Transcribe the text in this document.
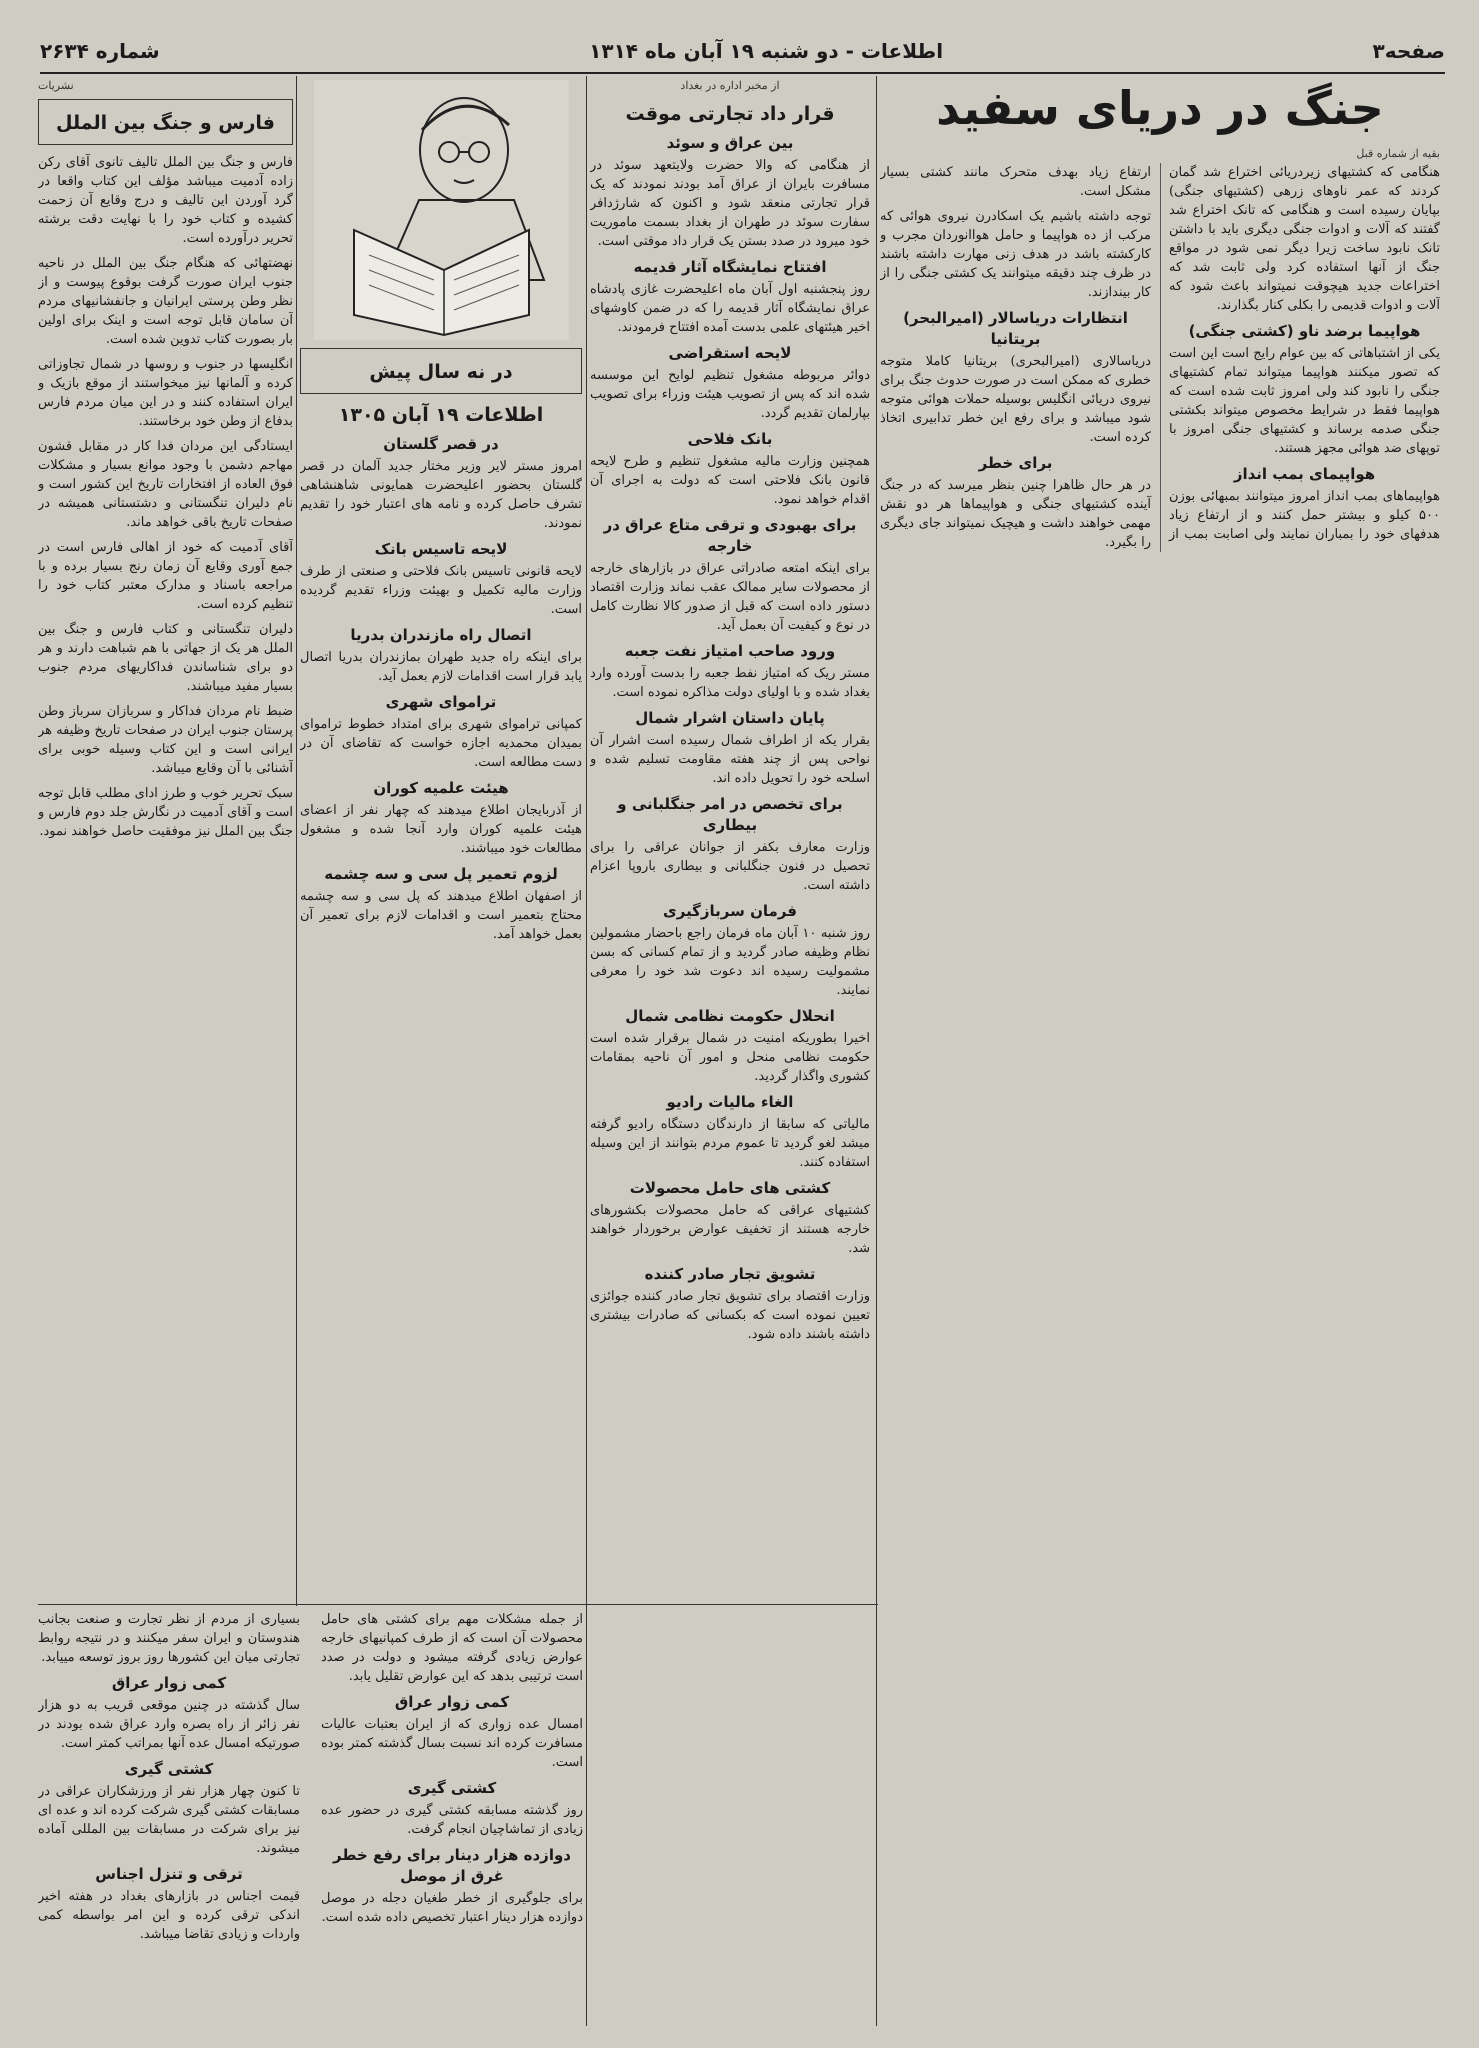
صفحه۳
اطلاعات - دو شنبه ۱۹ آبان ماه ۱۳۱۴
شماره ۲۶۳۴
جنگ در دریای سفید
بقیه از شماره قبل

هنگامی که کشتیهای زیردریائی اختراع شد گمان کردند که عمر ناوهای زرهی (کشتیهای جنگی) بپایان رسیده است و هنگامی که تانک اختراع شد گفتند که آلات و ادوات جنگی دیگری باید با داشتن تانک نابود ساخت زیرا دیگر نمی شود در مواقع جنگ از آنها استفاده کرد ولی ثابت شد که اختراعات جدید هیچوقت نمیتواند باعث شود که آلات و ادوات قدیمی را بکلی کنار بگذارند.

هواپیما برضد ناو (کشتی جنگی)

یکی از اشتباهاتی که بین عوام رایج است این است که تصور میکنند هواپیما میتواند تمام کشتیهای جنگی را نابود کند ولی امروز ثابت شده است که هواپیما فقط در شرایط مخصوص میتواند بکشتی جنگی صدمه برساند و کشتیهای جنگی امروز با توپهای ضد هوائی مجهز هستند.

هواپیمای بمب انداز

هواپیماهای بمب انداز امروز میتوانند بمبهائی بوزن ۵۰۰ کیلو و بیشتر حمل کنند و از ارتفاع زیاد هدفهای خود را بمباران نمایند ولی اصابت بمب از ارتفاع زیاد بهدف متحرک مانند کشتی بسیار مشکل است.

توجه داشته باشیم یک اسکادرن نیروی هوائی که مرکب از ده هواپیما و حامل هواانوردان مجرب و کارکشته باشد در هدف زنی مهارت داشته باشند در ظرف چند دقیقه میتوانند یک کشتی جنگی را از کار بیندازند.

انتظارات دریاسالار (امیرالبحر) بریتانیا

دریاسالاری (امیرالبحری) بریتانیا کاملا متوجه خطری که ممکن است در صورت حدوث جنگ برای نیروی دریائی انگلیس بوسیله حملات هوائی متوجه شود میباشد و برای رفع این خطر تدابیری اتخاذ کرده است.

برای خطر

در هر حال ظاهرا چنین بنظر میرسد که در جنگ آینده کشتیهای جنگی و هواپیماها هر دو نقش مهمی خواهند داشت و هیچیک نمیتواند جای دیگری را بگیرد.

از مخبر اداره در بغداد
قرار داد تجارتی موقت
بین عراق و سوئد

از هنگامی که والا حضرت ولایتعهد سوئد در مسافرت بایران از عراق آمد بودند نمودند که یک قرار تجارتی منعقد شود و اکنون که شارژدافر سفارت سوئد در طهران از بغداد بسمت ماموریت خود میرود در صدد بستن یک قرار داد موقتی است.

افتتاح نمایشگاه آثار قدیمه

روز پنجشنبه اول آبان ماه اعلیحضرت غازی پادشاه عراق نمایشگاه آثار قدیمه را که در ضمن کاوشهای اخیر هیئتهای علمی بدست آمده افتتاح فرمودند.

لایحه استقراضی

دوائر مربوطه مشغول تنظیم لوایح این موسسه شده اند که پس از تصویب هیئت وزراء برای تصویب بپارلمان تقدیم گردد.

بانک فلاحی

همچنین وزارت مالیه مشغول تنظیم و طرح لایحه قانون بانک فلاحتی است که دولت به اجرای آن اقدام خواهد نمود.

برای بهبودی و ترقی متاع عراق در خارجه

برای اینکه امتعه صادراتی عراق در بازارهای خارجه از محصولات سایر ممالک عقب نماند وزارت اقتصاد دستور داده است که قبل از صدور کالا نظارت کامل در نوع و کیفیت آن بعمل آید.

ورود صاحب امتیاز نفت جعبه

مستر ریک که امتیاز نفط جعبه را بدست آورده وارد بغداد شده و با اولیای دولت مذاکره نموده است.

پایان داستان اشرار شمال

بقرار یکه از اطراف شمال رسیده است اشرار آن نواحی پس از چند هفته مقاومت تسلیم شده و اسلحه خود را تحویل داده اند.

برای تخصص در امر جنگلبانی و بیطاری

وزارت معارف بکفر از جوانان عراقی را برای تحصیل در فنون جنگلبانی و بیطاری باروپا اعزام داشته است.

فرمان سربازگیری

روز شنبه ۱۰ آبان ماه فرمان راجع باحضار مشمولین نظام وظیفه صادر گردید و از تمام کسانی که بسن مشمولیت رسیده اند دعوت شد خود را معرفی نمایند.

انحلال حکومت نظامی شمال

اخیرا بطوریکه امنیت در شمال برقرار شده است حکومت نظامی منحل و امور آن ناحیه بمقامات کشوری واگذار گردید.

الغاء مالیات رادیو

مالیاتی که سابقا از دارندگان دستگاه رادیو گرفته میشد لغو گردید تا عموم مردم بتوانند از این وسیله استفاده کنند.

کشتی های حامل محصولات

کشتیهای عراقی که حامل محصولات بکشورهای خارجه هستند از تخفیف عوارض برخوردار خواهند شد.

تشویق تجار صادر کننده

وزارت اقتصاد برای تشویق تجار صادر کننده جوائزی تعیین نموده است که بکسانی که صادرات بیشتری داشته باشند داده شود.

در نه سال پیش
اطلاعات ۱۹ آبان ۱۳۰۵
در قصر گلستان

امروز مستر لایر وزیر مختار جدید آلمان در قصر گلستان بحضور اعلیحضرت همایونی شاهنشاهی تشرف حاصل کرده و نامه های اعتبار خود را تقدیم نمودند.

لایحه تاسیس بانک

لایحه قانونی تاسیس بانک فلاحتی و صنعتی از طرف وزارت مالیه تکمیل و بهیئت وزراء تقدیم گردیده است.

اتصال راه مازندران بدریا

برای اینکه راه جدید طهران بمازندران بدریا اتصال یابد قرار است اقدامات لازم بعمل آید.

تراموای شهری

کمپانی تراموای شهری برای امتداد خطوط تراموای بمیدان محمدیه اجازه خواست که تقاضای آن در دست مطالعه است.

هیئت علمیه کوران

از آذربایجان اطلاع میدهند که چهار نفر از اعضای هیئت علمیه کوران وارد آنجا شده و مشغول مطالعات خود میباشند.

لزوم تعمیر پل سی و سه چشمه

از اصفهان اطلاع میدهند که پل سی و سه چشمه محتاج بتعمیر است و اقدامات لازم برای تعمیر آن بعمل خواهد آمد.

نشریات
فارس و جنگ بین الملل

فارس و جنگ بین الملل تالیف تانوی آقای رکن زاده آدمیت میباشد مؤلف این کتاب واقعا در گرد آوردن این تالیف و درج وقایع آن زحمت کشیده و کتاب خود را با نهایت دقت برشته تحریر درآورده است.

نهضتهائی که هنگام جنگ بین الملل در ناحیه جنوب ایران صورت گرفت بوقوع پیوست و از نظر وطن پرستی ایرانیان و جانفشانیهای مردم آن سامان قابل توجه است و اینک برای اولین بار بصورت کتاب تدوین شده است.

انگلیسها در جنوب و روسها در شمال تجاوزاتی کرده و آلمانها نیز میخواستند از موقع بازیک و ایران استفاده کنند و در این میان مردم فارس بدفاع از وطن خود برخاستند.

ایستادگی این مردان فدا کار در مقابل قشون مهاجم دشمن با وجود موانع بسیار و مشکلات فوق العاده از افتخارات تاریخ این کشور است و نام دلیران تنگستانی و دشتستانی همیشه در صفحات تاریخ باقی خواهد ماند.

آقای آدمیت که خود از اهالی فارس است در جمع آوری وقایع آن زمان رنج بسیار برده و با مراجعه باسناد و مدارک معتبر کتاب خود را تنظیم کرده است.

دلیران تنگستانی و کتاب فارس و جنگ بین الملل هر یک از جهاتی با هم شباهت دارند و هر دو برای شناساندن فداکاریهای مردم جنوب بسیار مفید میباشند.

ضبط نام مردان فداکار و سربازان سرباز وطن پرستان جنوب ایران در صفحات تاریخ وظیفه هر ایرانی است و این کتاب وسیله خوبی برای آشنائی با آن وقایع میباشد.

سبک تحریر خوب و طرز ادای مطلب قابل توجه است و آقای آدمیت در نگارش جلد دوم فارس و جنگ بین الملل نیز موفقیت حاصل خواهند نمود.

از جمله مشکلات مهم برای کشتی های حامل محصولات آن است که از طرف کمپانیهای خارجه عوارض زیادی گرفته میشود و دولت در صدد است ترتیبی بدهد که این عوارض تقلیل یابد.

کمی زوار عراق

امسال عده زواری که از ایران بعتبات عالیات مسافرت کرده اند نسبت بسال گذشته کمتر بوده است.

کشتی گیری

روز گذشته مسابقه کشتی گیری در حضور عده زیادی از تماشاچیان انجام گرفت.

دوازده هزار دینار برای رفع خطر غرق از موصل

برای جلوگیری از خطر طغیان دجله در موصل دوازده هزار دینار اعتبار تخصیص داده شده است.

بسیاری از مردم از نظر تجارت و صنعت بجانب هندوستان و ایران سفر میکنند و در نتیجه روابط تجارتی میان این کشورها روز بروز توسعه مییابد.

کمی زوار عراق

سال گذشته در چنین موقعی قریب به دو هزار نفر زائر از راه بصره وارد عراق شده بودند در صورتیکه امسال عده آنها بمراتب کمتر است.

کشتی گیری

تا کنون چهار هزار نفر از ورزشکاران عراقی در مسابقات کشتی گیری شرکت کرده اند و عده ای نیز برای شرکت در مسابقات بین المللی آماده میشوند.

ترقی و تنزل اجناس

قیمت اجناس در بازارهای بغداد در هفته اخیر اندکی ترقی کرده و این امر بواسطه کمی واردات و زیادی تقاضا میباشد.
